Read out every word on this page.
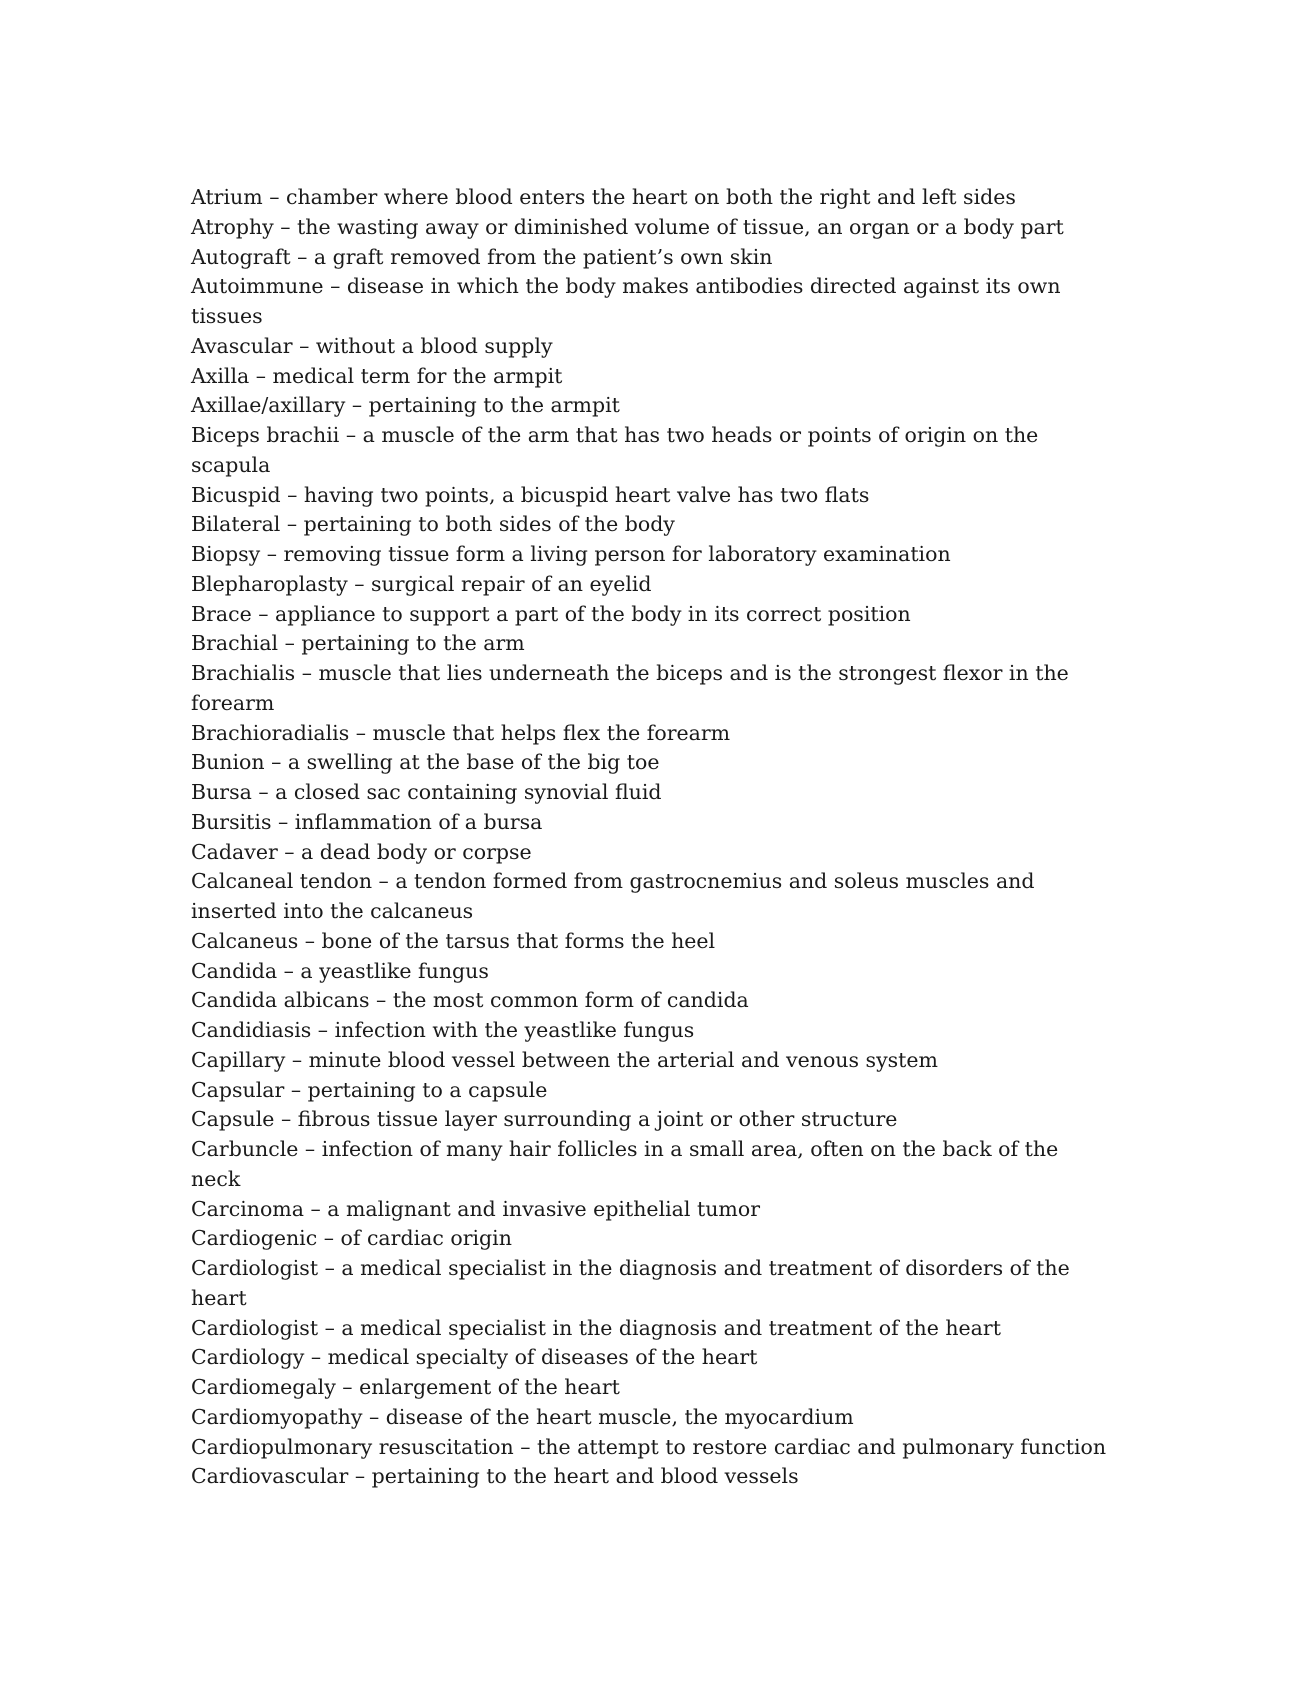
Atrium – chamber where blood enters the heart on both the right and left sides
Atrophy – the wasting away or diminished volume of tissue, an organ or a body part
Autograft – a graft removed from the patient’s own skin
Autoimmune – disease in which the body makes antibodies directed against its own tissues
Avascular – without a blood supply
Axilla – medical term for the armpit
Axillae/axillary – pertaining to the armpit
Biceps brachii – a muscle of the arm that has two heads or points of origin on the scapula
Bicuspid – having two points, a bicuspid heart valve has two flats
Bilateral – pertaining to both sides of the body
Biopsy – removing tissue form a living person for laboratory examination
Blepharoplasty – surgical repair of an eyelid
Brace – appliance to support a part of the body in its correct position
Brachial – pertaining to the arm
Brachialis – muscle that lies underneath the biceps and is the strongest flexor in the forearm
Brachioradialis – muscle that helps flex the forearm
Bunion – a swelling at the base of the big toe
Bursa – a closed sac containing synovial fluid
Bursitis – inflammation of a bursa
Cadaver – a dead body or corpse
Calcaneal tendon – a tendon formed from gastrocnemius and soleus muscles and inserted into the calcaneus
Calcaneus – bone of the tarsus that forms the heel
Candida – a yeastlike fungus
Candida albicans – the most common form of candida
Candidiasis – infection with the yeastlike fungus
Capillary – minute blood vessel between the arterial and venous system
Capsular – pertaining to a capsule
Capsule – fibrous tissue layer surrounding a joint or other structure
Carbuncle – infection of many hair follicles in a small area, often on the back of the neck
Carcinoma – a malignant and invasive epithelial tumor
Cardiogenic – of cardiac origin
Cardiologist – a medical specialist in the diagnosis and treatment of disorders of the heart
Cardiologist – a medical specialist in the diagnosis and treatment of the heart
Cardiology – medical specialty of diseases of the heart
Cardiomegaly – enlargement of the heart
Cardiomyopathy – disease of the heart muscle, the myocardium
Cardiopulmonary resuscitation – the attempt to restore cardiac and pulmonary function
Cardiovascular – pertaining to the heart and blood vessels
